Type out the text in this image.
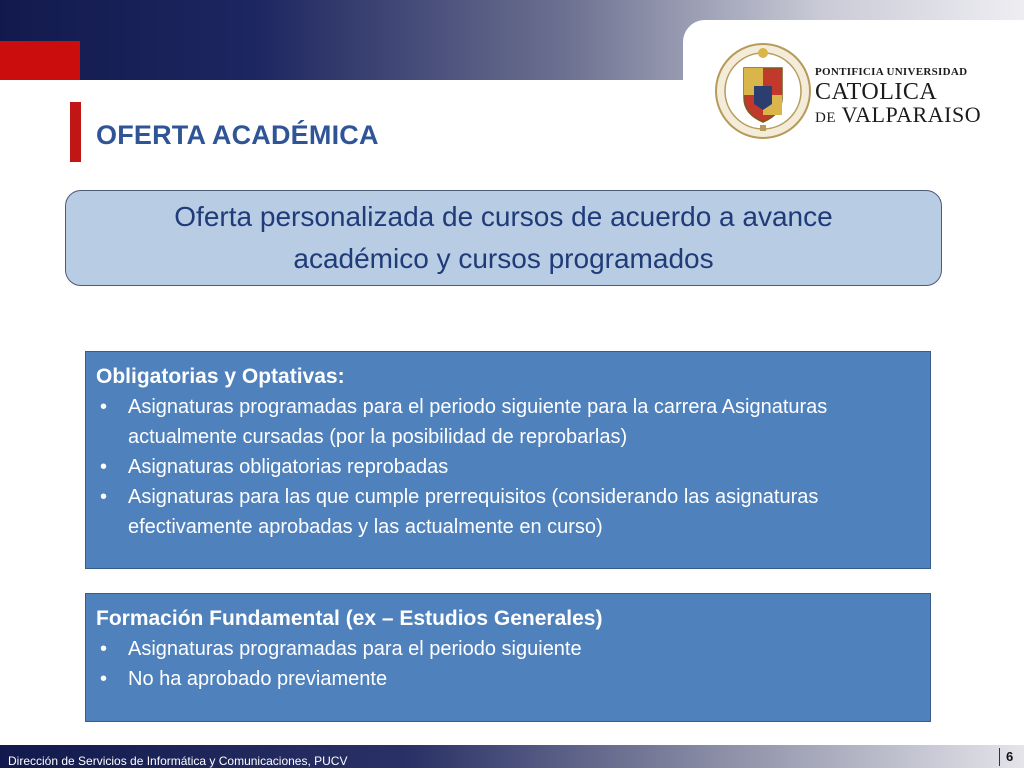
PONTIFICIA UNIVERSIDAD
CATOLICA
DE VALPARAISO
OFERTA ACADÉMICA
Oferta personalizada de cursos de acuerdo a avance académico y cursos programados
Obligatorias y Optativas:
• Asignaturas programadas para el periodo siguiente para la carrera Asignaturas actualmente cursadas (por la posibilidad de reprobarlas)
• Asignaturas obligatorias reprobadas
• Asignaturas para las que cumple prerrequisitos (considerando las asignaturas efectivamente aprobadas y las actualmente en curso)
Formación Fundamental (ex – Estudios Generales)
• Asignaturas programadas para el periodo siguiente
• No ha aprobado previamente
Dirección de Servicios de Informática y Comunicaciones, PUCV	6
